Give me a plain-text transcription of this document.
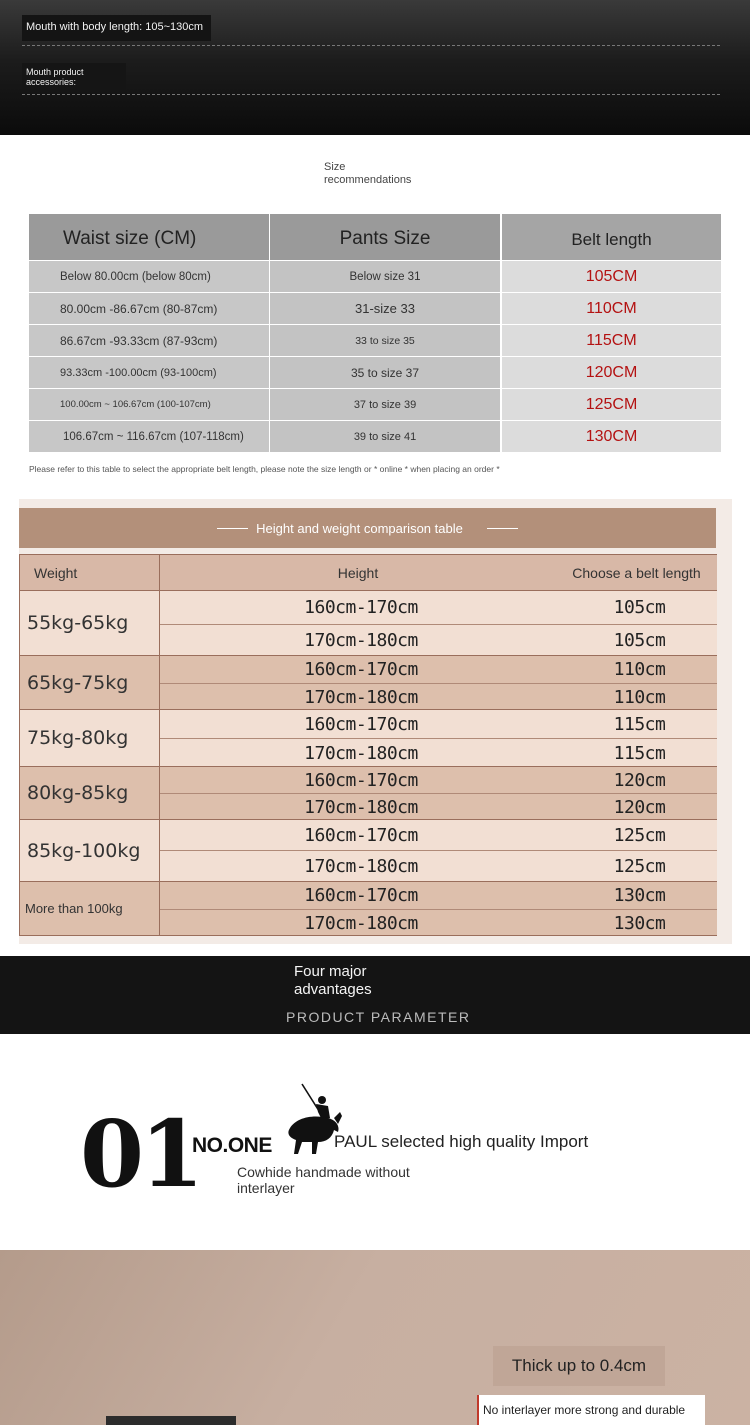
Mouth with body length: 105~130cm
Mouth product accessories:
Size recommendations
Waist size (CM)	Pants Size	Belt length
Below 80.00cm (below 80cm)	Below size 31	105CM
80.00cm -86.67cm (80-87cm)	31-size 33	110CM
86.67cm -93.33cm (87-93cm)	33 to size 35	115CM
93.33cm -100.00cm (93-100cm)	35 to size 37	120CM
100.00cm ~ 106.67cm (100-107cm)	37 to size 39	125CM
106.67cm ~ 116.67cm (107-118cm)	39 to size 41	130CM
Please refer to this table to select the appropriate belt length, please note the size length or * online * when placing an order *
Height and weight comparison table
Weight	Height	Choose a belt length
55kg-65kg
160cm-170cm	105cm
170cm-180cm	105cm
65kg-75kg
160cm-170cm	110cm
170cm-180cm	110cm
75kg-80kg
160cm-170cm	115cm
170cm-180cm	115cm
80kg-85kg
160cm-170cm	120cm
170cm-180cm	120cm
85kg-100kg
160cm-170cm	125cm
170cm-180cm	125cm
More than 100kg
160cm-170cm	130cm
170cm-180cm	130cm
Four major advantages
PRODUCT PARAMETER
01
NO.ONE	PAUL selected high quality Import
Cowhide handmade without interlayer
Thick up to 0.4cm
No interlayer more strong and durable
